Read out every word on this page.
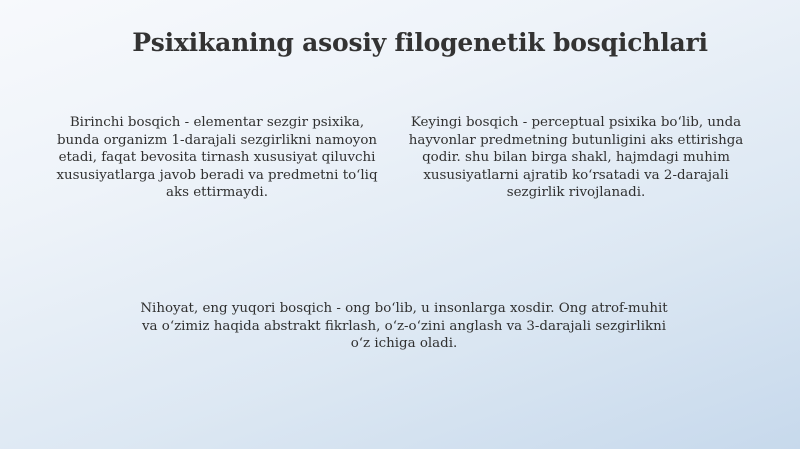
Psixikaning asosiy filogenetik bosqichlari
Birinchi bosqich - elementar sezgir psixika, bunda organizm 1-darajali sezgirlikni namoyon etadi, faqat bevosita tirnash xususiyat qiluvchi xususiyatlarga javob beradi va predmetni toʻliq aks ettirmaydi.
Keyingi bosqich - perceptual psixika boʻlib, unda hayvonlar predmetning butunligini aks ettirishga qodir. shu bilan birga shakl, hajmdagi muhim xususiyatlarni ajratib koʻrsatadi va 2-darajali sezgirlik rivojlanadi.
Nihoyat, eng yuqori bosqich - ong boʻlib, u insonlarga xosdir. Ong atrof-muhit va oʻzimiz haqida abstrakt fikrlash, oʻz-oʻzini anglash va 3-darajali sezgirlikni oʻz ichiga oladi.
